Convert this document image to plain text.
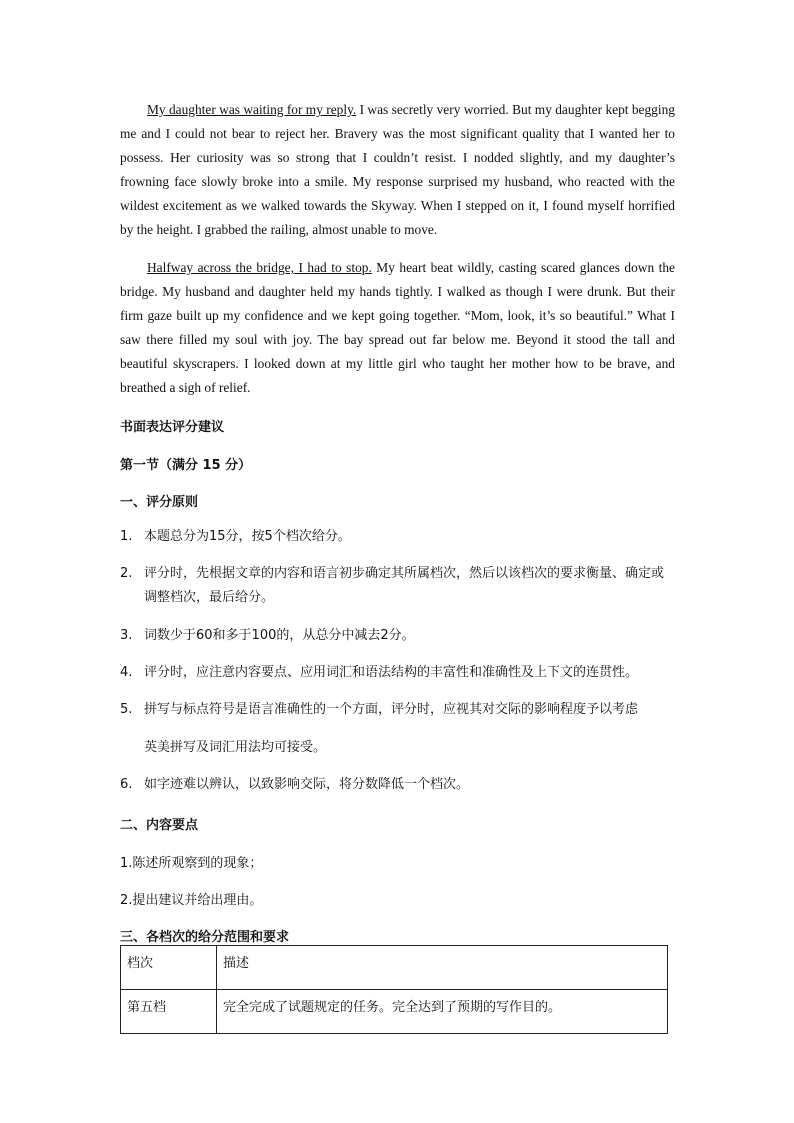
My daughter was waiting for my reply. I was secretly very worried. But my daughter kept begging me and I could not bear to reject her. Bravery was the most significant quality that I wanted her to possess. Her curiosity was so strong that I couldn’t resist. I nodded slightly, and my daughter’s frowning face slowly broke into a smile. My response surprised my husband, who reacted with the wildest excitement as we walked towards the Skyway. When I stepped on it, I found myself horrified by the height. I grabbed the railing, almost unable to move.
Halfway across the bridge, I had to stop. My heart beat wildly, casting scared glances down the bridge. My husband and daughter held my hands tightly. I walked as though I were drunk. But their firm gaze built up my confidence and we kept going together. “Mom, look, it’s so beautiful.” What I saw there filled my soul with joy. The bay spread out far below me. Beyond it stood the tall and beautiful skyscrapers. I looked down at my little girl who taught her mother how to be brave, and breathed a sigh of relief.
书面表达评分建议
第一节（满分 15 分）
一、评分原则
1. 本题总分为15分，按5个档次给分。
2. 评分时，先根据文章的内容和语言初步确定其所属档次，然后以该档次的要求衡量、确定或调整档次，最后给分。
3. 词数少于60和多于100的，从总分中减去2分。
4. 评分时，应注意内容要点、应用词汇和语法结构的丰富性和准确性及上下文的连贯性。
5. 拼写与标点符号是语言准确性的一个方面，评分时，应视其对交际的影响程度予以考虑
英美拼写及词汇用法均可接受。
6. 如字迹难以辨认，以致影响交际，将分数降低一个档次。
二、内容要点
1.陈述所观察到的现象；
2.提出建议并给出理由。
三、各档次的给分范围和要求
档次	描述
第五档	完全完成了试题规定的任务。完全达到了预期的写作目的。
